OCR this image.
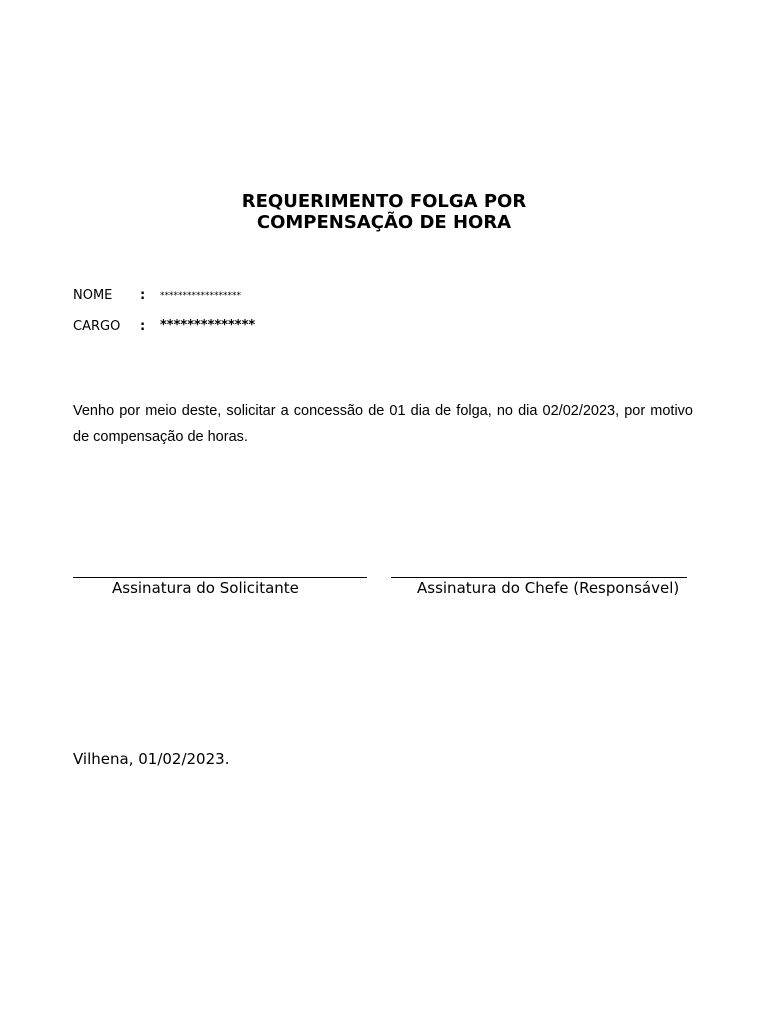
REQUERIMENTO FOLGA POR
COMPENSAÇÃO DE HORA
NOME : ******************
CARGO : **************

Venho por meio deste, solicitar a concessão de 01 dia de folga, no dia 02/02/2023, por motivo de compensação de horas.

Assinatura do Solicitante	Assinatura do Chefe (Responsável)
Vilhena, 01/02/2023.
